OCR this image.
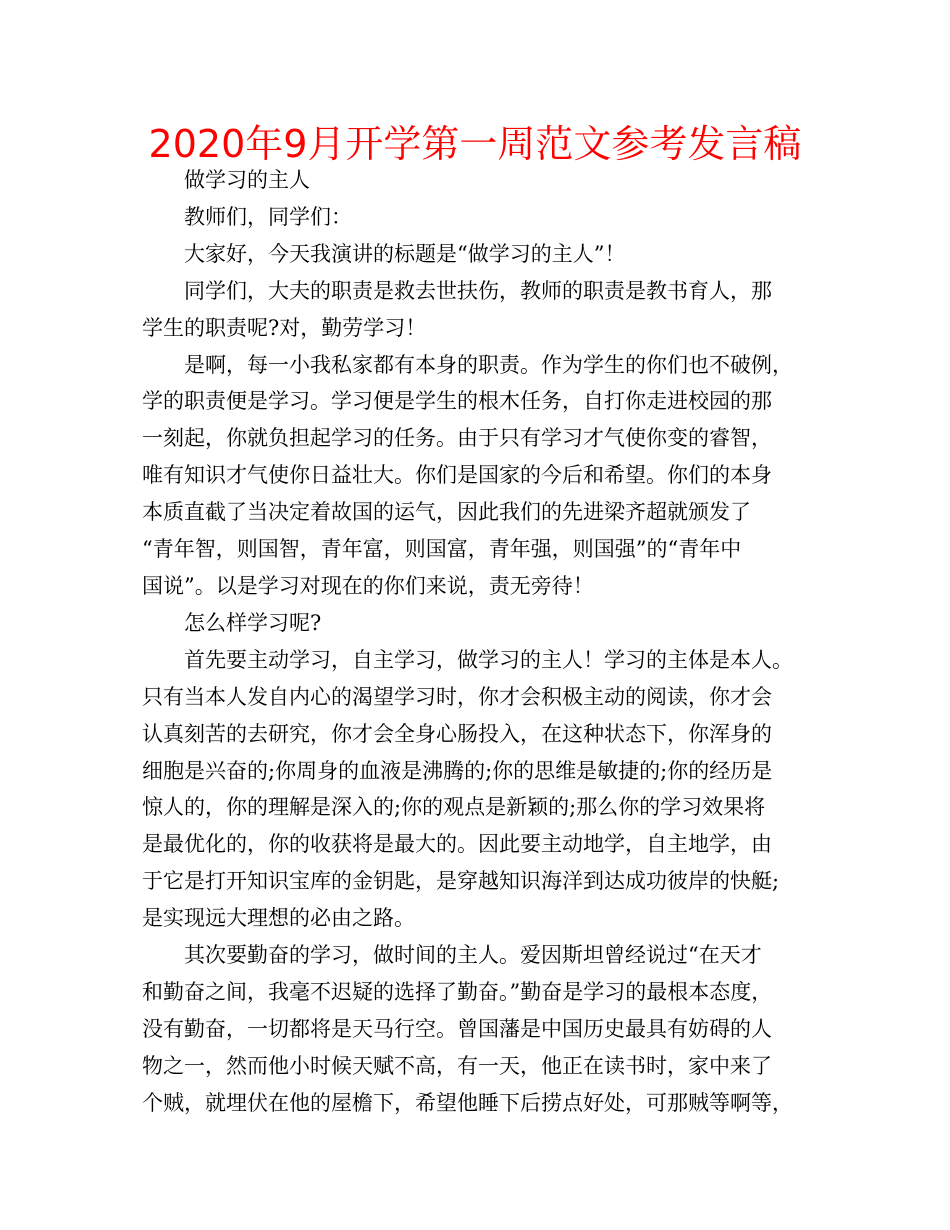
2020年9月开学第一周范文参考发言稿

做学习的主人

教师们，同学们：

大家好，今天我演讲的标题是“做学习的主人”！

同学们，大夫的职责是救去世扶伤，教师的职责是教书育人，那
学生的职责呢?对，勤劳学习！

是啊，每一小我私家都有本身的职责。作为学生的你们也不破例，
学的职责便是学习。学习便是学生的根木任务，自打你走进校园的那
一刻起，你就负担起学习的任务。由于只有学习才气使你变的睿智，
唯有知识才气使你日益壮大。你们是国家的今后和希望。你们的本身
本质直截了当决定着故国的运气，因此我们的先进梁齐超就颁发了
“青年智，则国智，青年富，则国富，青年强，则国强”的“青年中
国说”。以是学习对现在的你们来说，责无旁待！

怎么样学习呢?

首先要主动学习，自主学习，做学习的主人！学习的主体是本人。
只有当本人发自内心的渴望学习时，你才会积极主动的阅读，你才会
认真刻苦的去研究，你才会全身心肠投入，在这种状态下，你浑身的
细胞是兴奋的;你周身的血液是沸腾的;你的思维是敏捷的;你的经历是
惊人的，你的理解是深入的;你的观点是新颖的;那么你的学习效果将
是最优化的，你的收获将是最大的。因此要主动地学，自主地学，由
于它是打开知识宝库的金钥匙，是穿越知识海洋到达成功彼岸的快艇;
是实现远大理想的必由之路。

其次要勤奋的学习，做时间的主人。爱因斯坦曾经说过“在天才
和勤奋之间，我毫不迟疑的选择了勤奋。”勤奋是学习的最根本态度，
没有勤奋，一切都将是天马行空。曾国藩是中国历史最具有妨碍的人
物之一，然而他小时候天赋不高，有一天，他正在读书时，家中来了
个贼，就埋伏在他的屋檐下，希望他睡下后捞点好处，可那贼等啊等，
